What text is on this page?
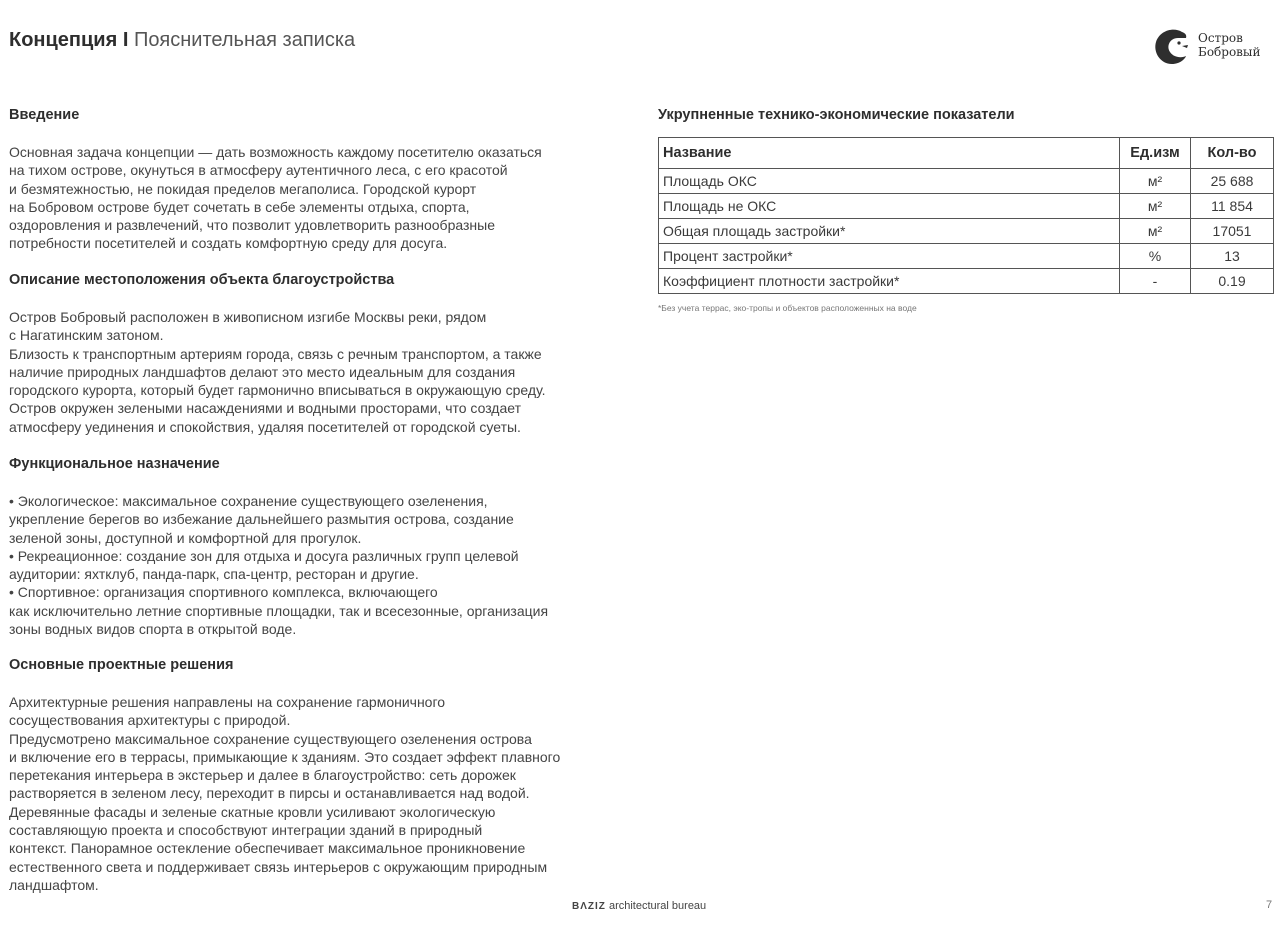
Концепция I Пояснительная записка	Остров
Бобровый
Введение

Основная задача концепции — дать возможность каждому посетителю оказаться
на тихом острове, окунуться в атмосферу аутентичного леса, с его красотой
и безмятежностью, не покидая пределов мегаполиса. Городской курорт
на Бобровом острове будет сочетать в себе элементы отдыха, спорта,
оздоровления и развлечений, что позволит удовлетворить разнообразные
потребности посетителей и создать комфортную среду для досуга.

Описание местоположения объекта благоустройства

Остров Бобровый расположен в живописном изгибе Москвы реки, рядом
с Нагатинским затоном.
Близость к транспортным артериям города, связь с речным транспортом, а также
наличие природных ландшафтов делают это место идеальным для создания
городского курорта, который будет гармонично вписываться в окружающую среду.
Остров окружен зелеными насаждениями и водными просторами, что создает
атмосферу уединения и спокойствия, удаляя посетителей от городской суеты.

Функциональное назначение

• Экологическое: максимальное сохранение существующего озеленения,
укрепление берегов во избежание дальнейшего размытия острова, создание
зеленой зоны, доступной и комфортной для прогулок.
• Рекреационное: создание зон для отдыха и досуга различных групп целевой
аудитории: яхтклуб, панда-парк, спа-центр, ресторан и другие.
• Спортивное: организация спортивного комплекса, включающего
как исключительно летние спортивные площадки, так и всесезонные, организация
зоны водных видов спорта в открытой воде.

Основные проектные решения

Архитектурные решения направлены на сохранение гармоничного
сосуществования архитектуры с природой.
Предусмотрено максимальное сохранение существующего озеленения острова
и включение его в террасы, примыкающие к зданиям. Это создает эффект плавного
перетекания интерьера в экстерьер и далее в благоустройство: сеть дорожек
растворяется в зеленом лесу, переходит в пирсы и останавливается над водой.
Деревянные фасады и зеленые скатные кровли усиливают экологическую
составляющую проекта и способствуют интеграции зданий в природный
контекст. Панорамное остекление обеспечивает максимальное проникновение
естественного света и поддерживает связь интерьеров с окружающим природным
ландшафтом.

Укрупненные технико-экономические показатели
Название	Ед.изм	Кол-во
Площадь ОКС	м²	25 688
Площадь не ОКС	м²	11 854
Общая площадь застройки*	м²	17051
Процент застройки*	%	13
Коэффициент плотности застройки*	-	0.19
*Без учета террас, эко-тропы и объектов расположенных на воде
ВΛΖIΖ architectural bureau	7
